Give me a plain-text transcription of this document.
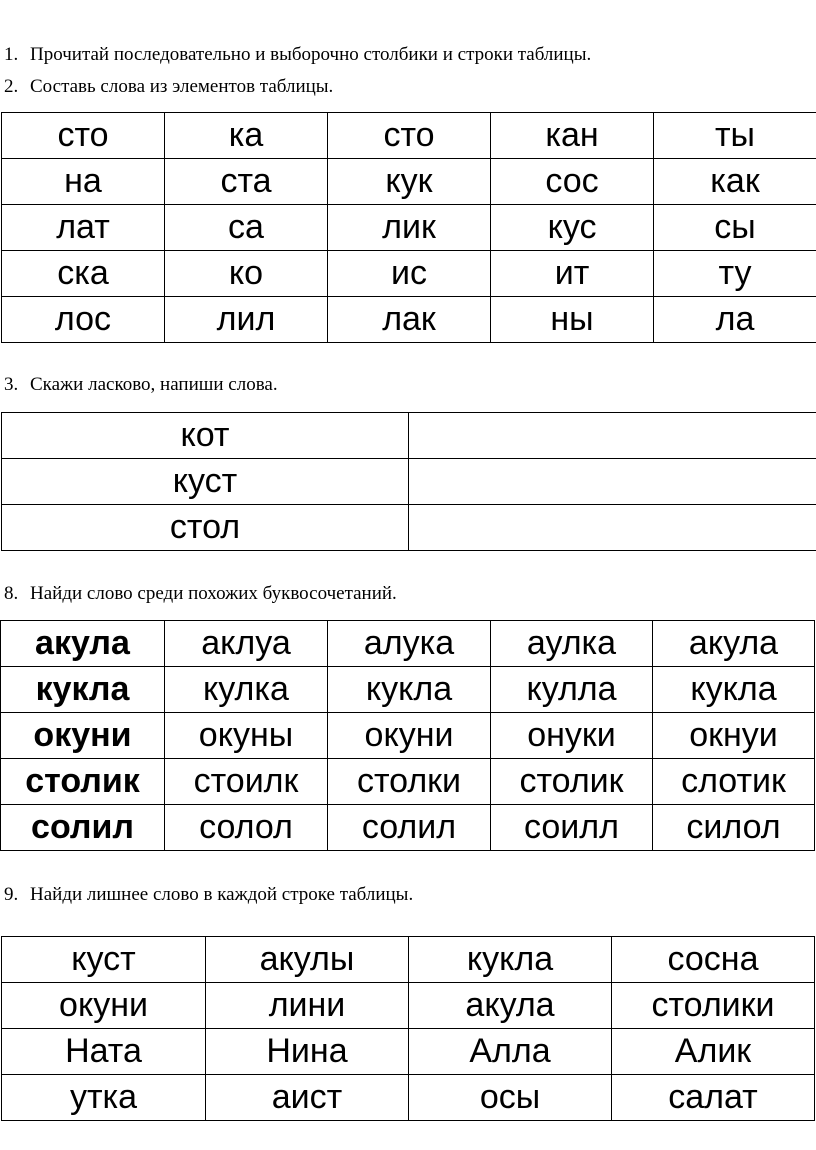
1. Прочитай последовательно и выборочно столбики и строки таблицы.
2. Составь слова из элементов таблицы.
сто	ка	сто	кан	ты
на	ста	кук	сос	как
лат	са	лик	кус	сы
ска	ко	ис	ит	ту
лос	лил	лак	ны	ла
3. Скажи ласково, напиши слова.
кот	
куст	
стол	
8. Найди слово среди похожих буквосочетаний.
акула	аклуа	алука	аулка	акула
кукла	кулка	кукла	кулла	кукла
окуни	окуны	окуни	онуки	окнуи
столик	стоилк	столки	столик	слотик
солил	солол	солил	соилл	силол
9. Найди лишнее слово в каждой строке таблицы.
куст	акулы	кукла	сосна
окуни	лини	акула	столики
Ната	Нина	Алла	Алик
утка	аист	осы	салат
